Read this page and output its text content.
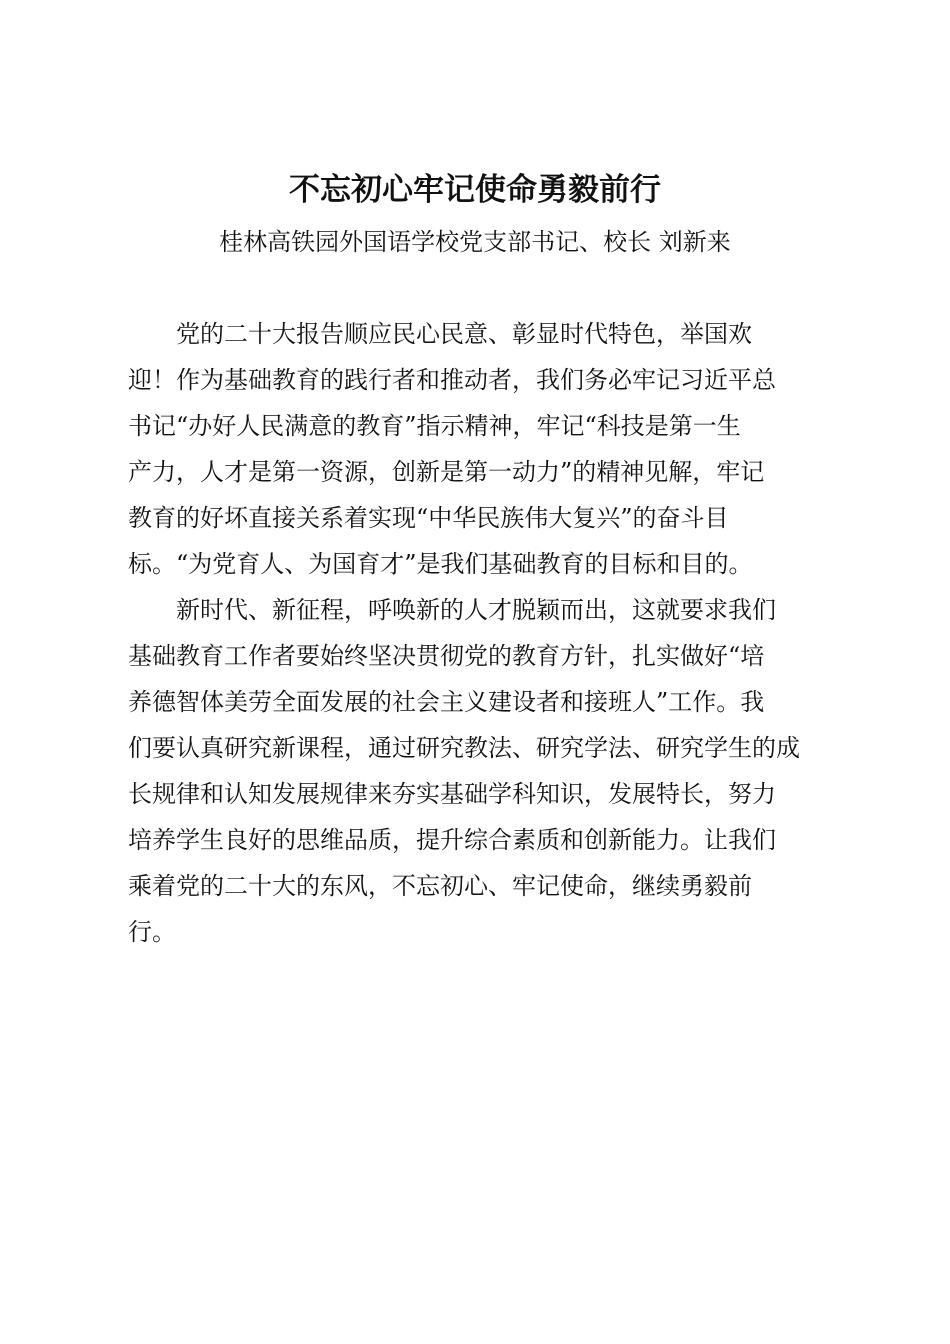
不忘初心牢记使命勇毅前行
桂林高铁园外国语学校党支部书记、校长 刘新来
党的二十大报告顺应民心民意、彰显时代特色，举国欢
迎！作为基础教育的践行者和推动者，我们务必牢记习近平总
书记“办好人民满意的教育”指示精神，牢记“科技是第一生
产力，人才是第一资源，创新是第一动力”的精神见解，牢记
教育的好坏直接关系着实现“中华民族伟大复兴”的奋斗目
标。“为党育人、为国育才”是我们基础教育的目标和目的。
新时代、新征程，呼唤新的人才脱颖而出，这就要求我们
基础教育工作者要始终坚决贯彻党的教育方针，扎实做好“培
养德智体美劳全面发展的社会主义建设者和接班人”工作。我
们要认真研究新课程，通过研究教法、研究学法、研究学生的成
长规律和认知发展规律来夯实基础学科知识，发展特长，努力
培养学生良好的思维品质，提升综合素质和创新能力。让我们
乘着党的二十大的东风，不忘初心、牢记使命，继续勇毅前
行。
